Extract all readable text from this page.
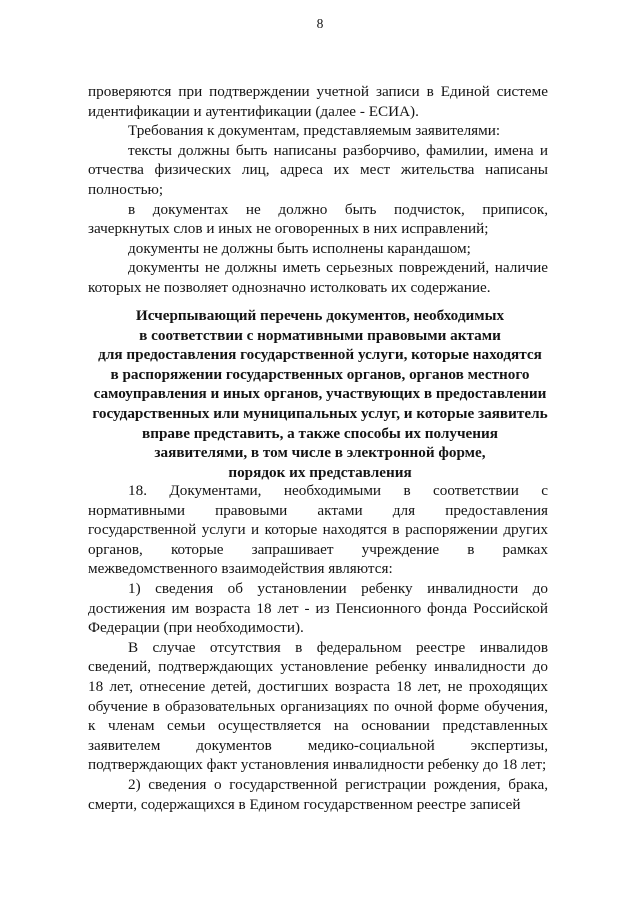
8

проверяются при подтверждении учетной записи в Единой системе идентификации и аутентификации (далее - ЕСИА).

Требования к документам, представляемым заявителями:

тексты должны быть написаны разборчиво, фамилии, имена и отчества физических лиц, адреса их мест жительства написаны полностью;

в документах не должно быть подчисток, приписок, зачеркнутых слов и иных не оговоренных в них исправлений;

документы не должны быть исполнены карандашом;

документы не должны иметь серьезных повреждений, наличие которых не позволяет однозначно истолковать их содержание.

Исчерпывающий перечень документов, необходимых
в соответствии с нормативными правовыми актами
для предоставления государственной услуги, которые находятся
в распоряжении государственных органов, органов местного
самоуправления и иных органов, участвующих в предоставлении
государственных или муниципальных услуг, и которые заявитель
вправе представить, а также способы их получения
заявителями, в том числе в электронной форме,
порядок их представления

18. Документами, необходимыми в соответствии с нормативными правовыми актами для предоставления государственной услуги и которые находятся в распоряжении других органов, которые запрашивает учреждение в рамках межведомственного взаимодействия являются:

1) сведения об установлении ребенку инвалидности до достижения им возраста 18 лет - из Пенсионного фонда Российской Федерации (при необходимости).

В случае отсутствия в федеральном реестре инвалидов сведений, подтверждающих установление ребенку инвалидности до 18 лет, отнесение детей, достигших возраста 18 лет, не проходящих обучение в образовательных организациях по очной форме обучения, к членам семьи осуществляется на основании представленных заявителем документов медико-социальной экспертизы, подтверждающих факт установления инвалидности ребенку до 18 лет;

2) сведения о государственной регистрации рождения, брака, смерти, содержащихся в Едином государственном реестре записей
